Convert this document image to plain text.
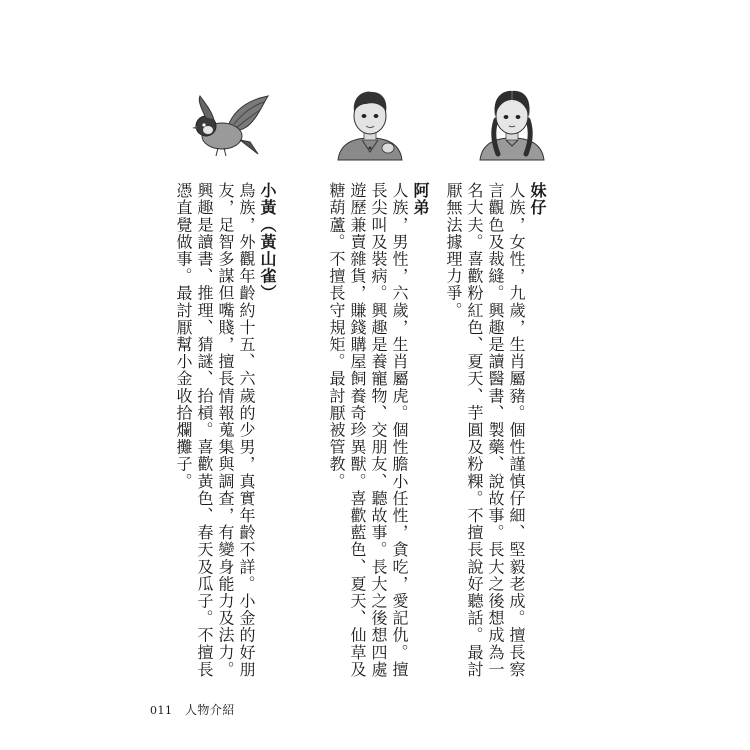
妹仔
人族，女性，九歲，生肖屬豬。個性謹慎仔細、堅毅老成。擅長察言觀色及裁縫。興趣是讀醫書、製藥、說故事。長大之後想成為一名大夫。喜歡粉紅色、夏天、芋圓及粉粿。不擅長說好聽話。最討厭無法據理力爭。
阿弟
人族，男性，六歲，生肖屬虎。個性膽小任性，貪吃，愛記仇。擅長尖叫及裝病。興趣是養寵物、交朋友、聽故事。長大之後想四處遊歷兼賣雜貨，賺錢購屋飼養奇珍異獸。喜歡藍色、夏天、仙草及糖葫蘆。不擅長守規矩。最討厭被管教。
小黃（黃山雀）
鳥族，外觀年齡約十五、六歲的少男，真實年齡不詳。小金的好朋友，足智多謀但嘴賤，擅長情報蒐集與調查，有變身能力及法力。興趣是讀書、推理、猜謎、抬槓。喜歡黃色、春天及瓜子。不擅長憑直覺做事。最討厭幫小金收拾爛攤子。
011 人物介紹
